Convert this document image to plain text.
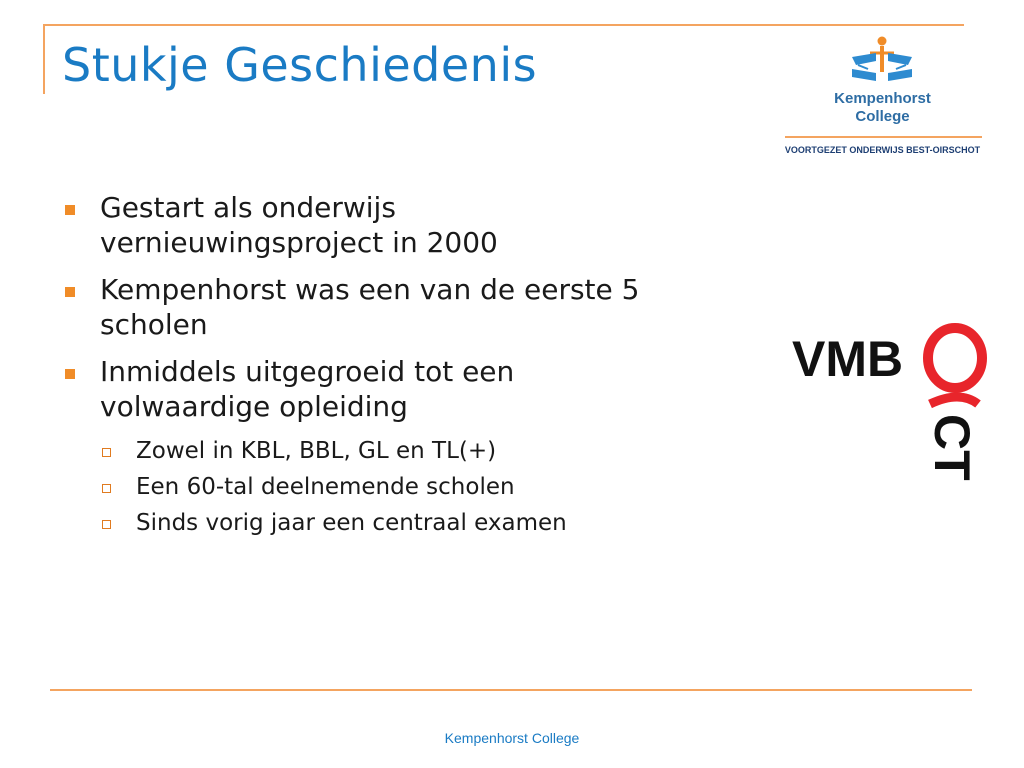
Stukje Geschiedenis
Kempenhorst
College
VOORTGEZET ONDERWIJS BEST-OIRSCHOT
Gestart als onderwijs vernieuwingsproject in 2000
Kempenhorst was een van de eerste 5 scholen
Inmiddels uitgegroeid tot een volwaardige opleiding
Zowel in KBL, BBL, GL en TL(+)
Een 60-tal deelnemende scholen
Sinds vorig jaar een centraal examen
VMB
CT
Kempenhorst College
